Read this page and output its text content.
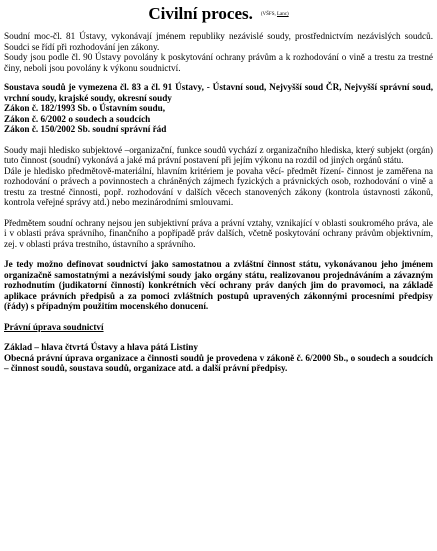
Civilní proces. (VŠFS, Lanc)

Soudní moc-čl. 81 Ústavy, vykonávají jménem republiky nezávislé soudy, prostřednictvím nezávislých soudců. Soudci se řídí při rozhodování jen zákony.

Soudy jsou podle čl. 90 Ústavy povolány k poskytování ochrany právům a k rozhodování o vině a trestu za trestné činy, neboli jsou povolány k výkonu soudnictví.

Soustava soudů je vymezena čl. 83 a čl. 91 Ústavy, - Ústavní soud, Nejvyšší soud ČR, Nejvyšší správní soud, vrchní soudy, krajské soudy, okresní soudy

Zákon č. 182/1993 Sb. o Ústavním soudu,

Zákon č. 6/2002 o soudech a soudcích

Zákon č. 150/2002 Sb. soudní správní řád

Soudy maji hledisko subjektové –organizační, funkce soudů vychází z organizačního hlediska, který subjekt (orgán) tuto činnost (soudní) vykonává a jaké má právní postavení při jejím výkonu na rozdíl od jiných orgánů státu.

Dále je hledisko předmětově-materiální, hlavním kritériem je povaha věcí- předmět řízení- činnost je zaměřena na rozhodování o právech a povinnostech a chráněných zájmech fyzických a právnických osob, rozhodování o vině a trestu za trestné činnosti, popř. rozhodování v dalších věcech stanovených zákony (kontrola ústavnosti zákonů, kontrola veřejné správy atd.) nebo mezinárodními smlouvami.

Předmětem soudní ochrany nejsou jen subjektivní práva a právní vztahy, vznikající v oblasti soukromého práva, ale i v oblasti práva správního, finančního a popřípadě práv dalších, včetně poskytování ochrany právům objektivním, zej. v oblasti práva trestního, ústavního a správního.

Je tedy možno definovat soudnictví jako samostatnou a zvláštní činnost státu, vykonávanou jeho jménem organizačně samostatnými a nezávislými soudy jako orgány státu, realizovanou projednáváním a závazným rozhodnutím (judikatorní činností) konkrétních věcí ochrany práv daných jim do pravomoci, na základě aplikace právních předpisů a za pomoci zvláštních postupů upravených zákonnými procesními předpisy (řády) s případným použitím mocenského donucení.

Právní úprava soudnictví

Základ – hlava čtvrtá Ústavy a hlava pátá Listiny

Obecná právní úprava organizace a činnosti soudů je provedena v zákoně č. 6/2000 Sb., o soudech a soudcích – činnost soudů, soustava soudů, organizace atd. a další právní předpisy.
